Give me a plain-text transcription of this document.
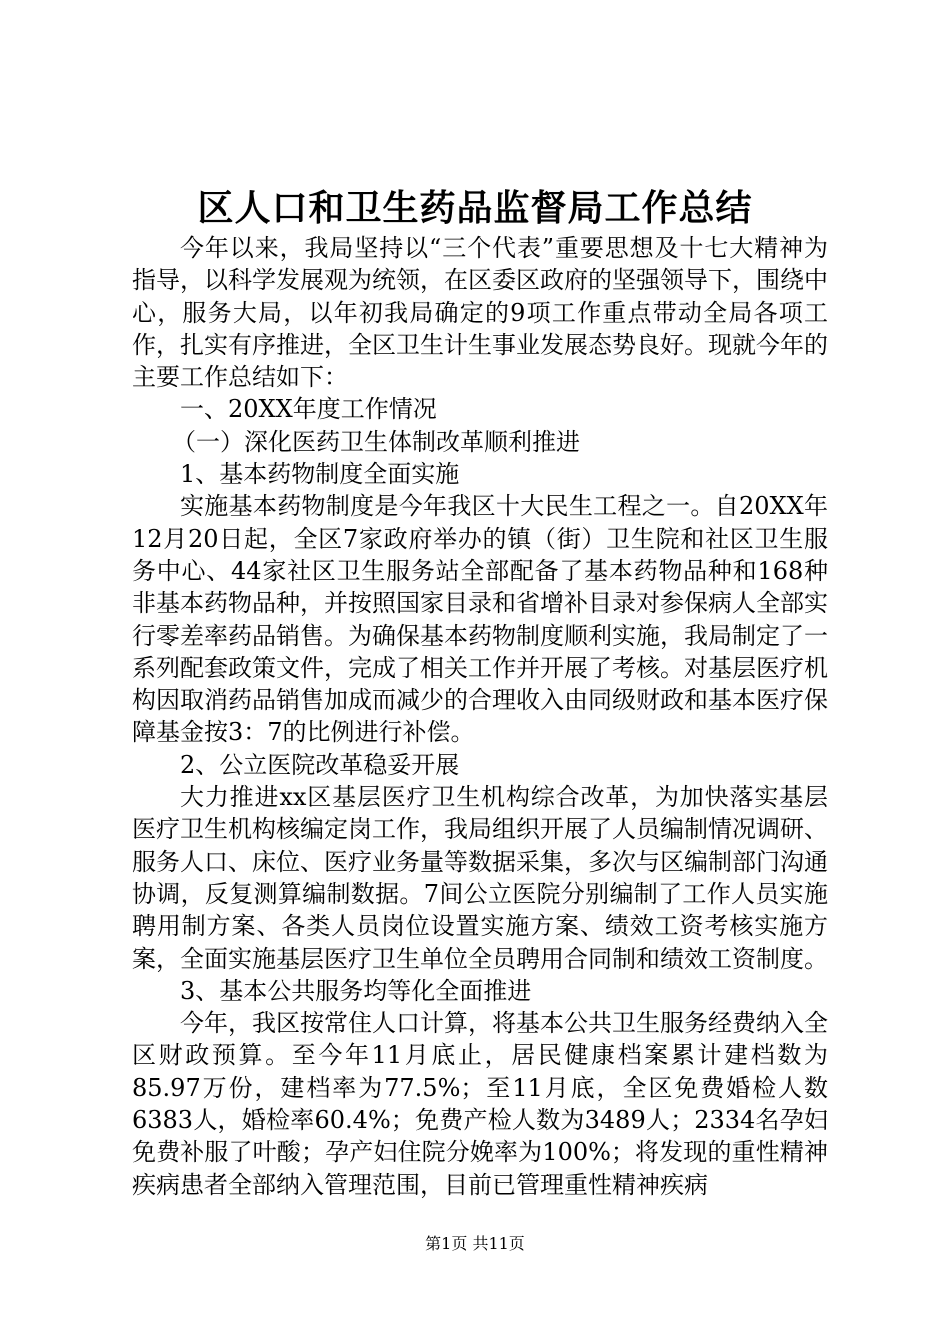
区人口和卫生药品监督局工作总结

今年以来，我局坚持以“三个代表”重要思想及十七大精神为指导，以科学发展观为统领，在区委区政府的坚强领导下，围绕中心，服务大局，以年初我局确定的9项工作重点带动全局各项工作，扎实有序推进，全区卫生计生事业发展态势良好。现就今年的主要工作总结如下：

一、20XX年度工作情况

（一）深化医药卫生体制改革顺利推进

1、基本药物制度全面实施

实施基本药物制度是今年我区十大民生工程之一。自20XX年12月20日起，全区7家政府举办的镇（街）卫生院和社区卫生服务中心、44家社区卫生服务站全部配备了基本药物品种和168种非基本药物品种，并按照国家目录和省增补目录对参保病人全部实行零差率药品销售。为确保基本药物制度顺利实施，我局制定了一系列配套政策文件，完成了相关工作并开展了考核。对基层医疗机构因取消药品销售加成而减少的合理收入由同级财政和基本医疗保障基金按3：7的比例进行补偿。

2、公立医院改革稳妥开展

大力推进xx区基层医疗卫生机构综合改革，为加快落实基层医疗卫生机构核编定岗工作，我局组织开展了人员编制情况调研、服务人口、床位、医疗业务量等数据采集，多次与区编制部门沟通协调，反复测算编制数据。7间公立医院分别编制了工作人员实施聘用制方案、各类人员岗位设置实施方案、绩效工资考核实施方案，全面实施基层医疗卫生单位全员聘用合同制和绩效工资制度。

3、基本公共服务均等化全面推进

今年，我区按常住人口计算，将基本公共卫生服务经费纳入全区财政预算。至今年11月底止，居民健康档案累计建档数为85.97万份，建档率为77.5%；至11月底，全区免费婚检人数6383人，婚检率60.4%；免费产检人数为3489人；2334名孕妇免费补服了叶酸；孕产妇住院分娩率为100%；将发现的重性精神疾病患者全部纳入管理范围，目前已管理重性精神疾病

第1页 共11页
